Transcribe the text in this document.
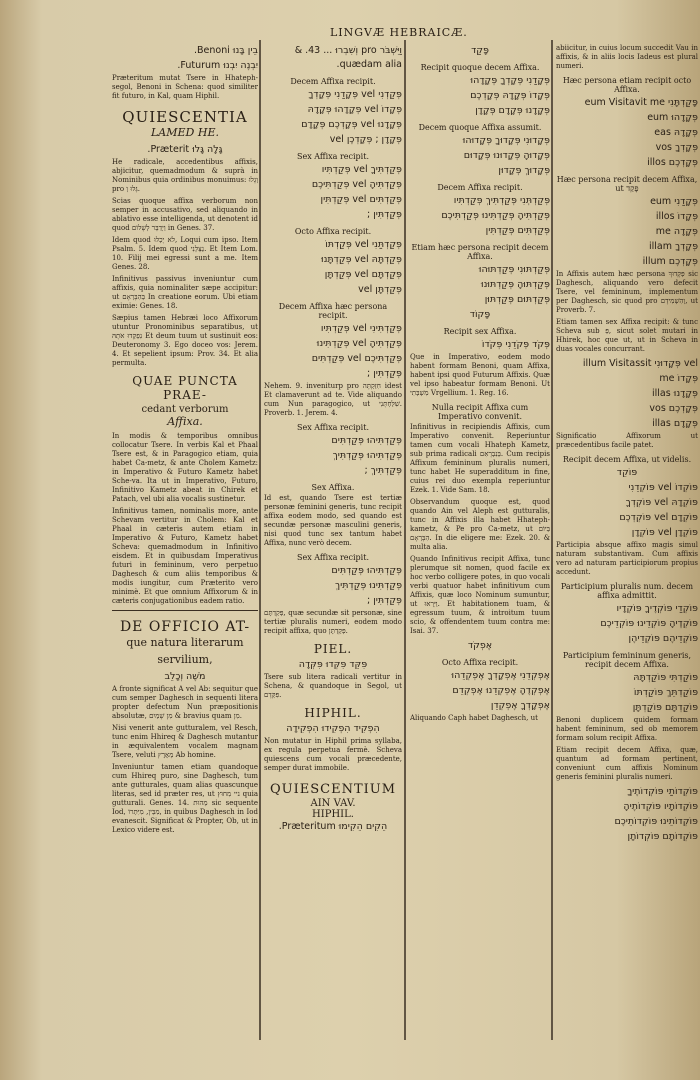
LINGVÆ HEBRAICÆ.

בֵין בָּנוּ Benoni.

יִבְנֶה יִבְנוּ Futurum.

Præteritum mutat Tsere in Hhateph-segol, Benoni in Schena: quod similiter fit futuro, in Kal, quam Hiphil.

QUIESCENTIA
LAMED HE.

גָּלָה גָּלוּ Præterit.

He radicale, accedentibus affixis, abjicitur, quemadmodum & suprà in Nominibus quia ordinibus monuimus: וְגָלוּ pro גָּלוּ וְ.

Scias quoque affixa verborum non semper in accusativo, sed aliquando in ablativo esse intelligenda, ut denotent id quod וַיְדַבֵּר לְשָׁלוֹם in Genes. 37.

Idem quod לֹא יָכְלוּ, Loqui cum ipso. Item Psalm. 5. Idem quod נַצֵּלֵנִי. Et Item Lom. 10. Filij mei egressi sunt a me. Item Genes. 28.

Infinitivus passivus inveniuntur cum affixis, quia nominaliter sæpe accipitur: ut בְּהִבָּרְאָם In creatione eorum. Ubi etiam eximie: Genes. 18.

Sæpius tamen Hebræi loco Affixorum utuntur Pronominibus separatibus, ut נִפְקְדוּ אֹתָהּ Et deum tuum ut sustinuit eos: Deuteronomy 3. Ego doceo vos: Jerem. 4. Et sepelient ipsum: Prov. 34. Et alia permulta.

QUAE PUNCTA PRAE-
cedant verborum
Affixa.

In modis & temporibus omnibus collocatur Tsere. In verbis Kal et Phaal Tsere est, & in Paragogico etiam, quia habet Ca-metz, & ante Cholem Kametz: in Imperativo & Futuro Kametz habet Sche-va. Ita ut in Imperativo, Futuro, Infinitivo Kametz abeat in Chirek et Patach, vel ubi alia vocalis sustinetur.

Infinitivus tamen, nominalis more, ante Schevam vertitur in Cholem: Kal et Phaal in cæteris autem etiam in Imperativo & Futuro, Kametz habet Scheva: quemadmodum in Infinitivo eisdem. Et in quibusdam Imperativus futuri in femininum, vero perpetuo Daghesch & cum aliis temporibus & modis iungitur, cum Præterito vero minimè. Et que omnium Affixorum & in cæteris conjugationibus eadem ratio.

DE OFFICIO AT-
que natura literarum
servilium,

מֹשֶׁה וְכָלֵב

A fronte significat A vel Ab: sequitur que cum semper Daghesch in sequenti litera propter defectum Nun præpositionis absolutæ, מִן שָׁמַיִם & bravius quam מִן.

Nisi venerit ante gutturalem, vel Resch, tunc enim Hhireq & Daghesch mutantur in æquivalentem vocalem magnam Tsere, veluti מֵאֶרֶץ Ab homine.

Inveniuntur tamen etiam quandoque cum Hhireq puro, sine Daghesch, tum ante gutturales, quam alias quascunque literas, sed id præter res, ut ניי מִחוּץ quia gutturali. Genes. 14. מֵהוּת sic sequente Iod, מִבֵּין, מִיִּתְרוֹ, in quibus Daghesch in Iod evanescit. Significat & Propter, Ob, ut in Lexico videre est.

וַיִּשְׁבֹּר pro וְשִׁבְרוּ ... 43. & quædam alia.

Decem Affixa recipit.

פְּקַדְנִי vel פְּקָדַנִי פְּקָדְךָ

פְּקָדוֹ vel פְּקָדָהוּ פְּקָדָהּ

פְּקָדָנוּ vel פְּקָדְכֶם פְּקָדָם

פְּקָדָן ; פְּקָדְכֶן vel

Sex Affixa recipit.

פְּקַדְתִּיךָ vel פְּקַדְתִּיו

פְּקַדְתִּיהָ vel פְּקַדְתִּיכֶם

פְּקַדְתִּים vel פְּקַדְתִּין

פְּקַדְתִּין ;

Octo Affixa recipit.

פְּקַדְתַּנִי vel פְּקַדְתּוֹ

פְּקַדְתָּהּ vel פְּקַדְתָּנוּ

פְּקַדְתָּם vel פְּקַדְתָּן

פְּקַדְתָּן vel

Decem Affixa hæc persona recipit.

פְּקַדְתִּינִי vel פְּקַדְתִּיו

פְּקַדְתִּיהָ vel פְּקַדְתִּינוּ

פְּקַדְתִּיכֶם vel פְּקַדְתִּים

פְּקַדְתִּין ;

Nehem. 9. inveniturp pro חִזַּקְתָּה idest Et clamaverunt ad te. Vide aliquando cum Nun paragogico, ut שִׁלַּחְתָּנִי. Proverb. 1. Jerem. 4.

Sex Affixa recipit.

פְּקַדְתִּיהוּ פְּקַדְתִּים

פְּקַדְתִּיהוּ פְּקַדְתִּיךְ

פְּקַדְתִּיךְ ;

Sex Affixa.

Id est, quando Tsere est tertiæ personæ feminini generis, tunc recipit affixa eodem modo, sed quando est secundæ personæ masculini generis, nisi quod tunc sex tantum habet Affixa, nunc verò decem.

Sex Affixa recipit.

פְּקַדְתִּיהוּ פְּקַדְתִּים

פְּקַדְתִּינוּ פְּקַדְתִּיךְ

פְּקַדְתִּין ;

פְּקַדְתֶּם, quæ secundæ sit personæ, sine tertiæ pluralis numeri, eodem modo recipit affixa, quo פְּקַדְתֶּן.

PIEL.

פִּקֵּד פִּקְּדוּ פִּקְּדָה

Tsere sub litera radicali vertitur in Schena, & quandoque in Segol, ut פִּקְּדָם.

HIPHIL.

הִפְקִיד הִפְקִידוּ הִפְקִידָה

Non mutatur in Hiphil prima syllaba, ex regula perpetua fermè. Scheva quiescens cum vocali præcedente, semper durat immobile.

QUIESCENTIUM
AIN VAV.
HIPHIL.

הֵקִים הֵקִימוּ Præteritum.

פָּקַד

Recipit quoque decem Affixa.

פְּקָדַנִי פְּקָדְךָ פְּקָדָהוּ

פְּקָדוֹ פְּקָדָהּ פְּקָדְכֶם

פְּקָדָנוּ פְּקָדָם פְּקָדָן

Decem quoque Affixa assumit.

פְּקָדוּנִי פְּקָדוּךָ פְּקָדוּהוּ

פְּקָדוּהָ פְּקָדוּנוּ פְּקָדוּם

פְּקָדוּךְ פְּקָדוּן

Decem Affixa recipit.

פְּקַדְתְּנִי פְּקַדְתִּיךְ פְּקַדְתִּיו

פְּקַדְתִּיהָ פְּקַדְתִּינוּ פְּקַדְתִּיכֶם

פְּקַדְתִּים פְּקַדְתִּין

Etiam hæc persona recipit decem Affixa.

פְּקַדְתּוּנִי פְּקַדְתּוּהוּ

פְּקַדְתּוּהָ פְּקַדְתּוּנוּ

פְּקַדְתּוּם פְּקַדְתּוּן

פָּקוֹד

Recipit sex Affixa.

פְּקֹד פְּקֹדֵנִי פְּקֹדוֹ

Que in Imperativo, eodem modo habent formam Benoni, quam Affixa, habent ipsi quod Futurum Affixis. Quæ vel ipso habeatur formam Benoni. Ut מִשְׁבְּתִי Vrgellium. 1. Reg. 16.

Nulla recipit Affixa cum Imperativo convenit.

Infinitivus in recipiendis Affixis, cum Imperativo convenit. Reperiuntur tamen cum vocali Hhateph Kametz, sub prima radicali בְּנִבְרָאִם. Cum recipis Affixum femininum pluralis numeri, tunc habet He superadditum in fine, cuius rei duo exempla reperiuntur Ezek. 1. Vide Sam. 18.

Observandum quoque est, quod quando Ain vel Aleph est gutturalis, tunc in Affixis illa habet Hhateph-kametz, & Pe pro Ca-metz, ut בְּיוֹם הִבָּרְאָם. In die eligere me: Ezek. 20. & multa alia.

Quando Infinitivus recipit Affixa, tunc plerumque sit nomen, quod facile ex hoc verbo colligere potes, in quo vocali verbi quatuor habet infinitivum cum Affixis, quæ loco Nominum sumuntur, ut וַיִּרְאוּ. Et habitationem tuam, & egressum tuum, & introitum tuum scio, & offendentem tuum contra me: Isai. 37.

אֶפְקֹד

Octo Affixa recipit.

אֶפְקְדֵנִי אֶפְקָדְךָ אֶפְקְדֵהוּ

אֶפְקְדֶהָ אֶפְקְדֵנוּ אֶפְקְדֵם

אֶפְקָדְךָ אֶפְקְדֵן

Aliquando Caph habet Daghesch, ut

abiicitur, in cuius locum succedit Vau in affixis, & in aliis locis Iadeus est plural numeri.

Hæc persona etiam recipit octo Affixa.

פָּקַדְתָּנִי eum Visitavit me

פְּקָדָהוּ eum

פְּקָדָהּ eas

פְּקָדְךָ vos

פְּקָדְכֶם illos

Hæc persona recipit decem Affixa, ut פָּקַד

פְּקָדַנִי eum

פְּקָדוֹ illos

פְּקָדָה me

פְּקָדְךָ illam

פְּקָדְכֶם illum

In Affixis autem hæc persona פְּקָדוּךָ sic Daghesch, aliquando vero defecit Tsere, vel femininum, implementum per Daghesch, sic quod pro וְהִשְׁמִידָם, ut Proverb. 7.

Etiam tamen sex Affixa recipit: & tunc Scheva sub פְּ, sicut solet mutari in Hhirek, hoc que ut, ut in Scheva in duas vocales concurrant.

vel פְּקָדוּנִי illum Visitassit

פְּקָדוֹ me

פְּקָדָנוּ illas

פְּקָדְכֶם vos

פְּקָדָם illas

Significatio Affixorum ut præcedentibus facile patet.

Recipit decem Affixa, ut videlis.

פּוֹקֵד

פּוֹקְדוֹ vel פּוֹקְדֵנִי

פּוֹקְדָהּ vel פּוֹקְדְךָ

פּוֹקְדָם vel פּוֹקְדְכֶם

פּוֹקְדָן vel פּוֹקְדָן

Participia absque affixo magis simul naturam substantivam. Cum affixis vero ad naturam participiorum propius accedunt.

Participium pluralis num. decem affixa admittit.

פּוֹקְדַי פּוֹקְדֶיךָ פּוֹקְדָיו

פּוֹקְדֶיהָ פּוֹקְדֵינוּ פּוֹקְדֵיכֶם

פּוֹקְדֵיהֶם פּוֹקְדֵיהֶן

Participium femininum generis, recipit decem Affixa.

פּוֹקַדְתִּי פּוֹקַדְתָּהּ

פּוֹקַדְתֵּךְ פּוֹקַדְתּוֹ

פּוֹקַדְתָּם פּוֹקַדְתָּן

Benoni duplicem quidem formam habent femininum, sed ob memorem formam solum recipit Affixa.

Etiam recipit decem Affixa, quæ, quantum ad formam pertinent, conveniunt cum affixis Nominum generis feminini pluralis numeri.

פּוֹקְדוֹתַי פּוֹקְדוֹתֶיךָ

פּוֹקְדוֹתָיו פּוֹקְדוֹתֶיהָ

פּוֹקְדוֹתֵינוּ פּוֹקְדוֹתֵיכֶם

פּוֹקְדוֹתָם פּוֹקְדוֹתָן
